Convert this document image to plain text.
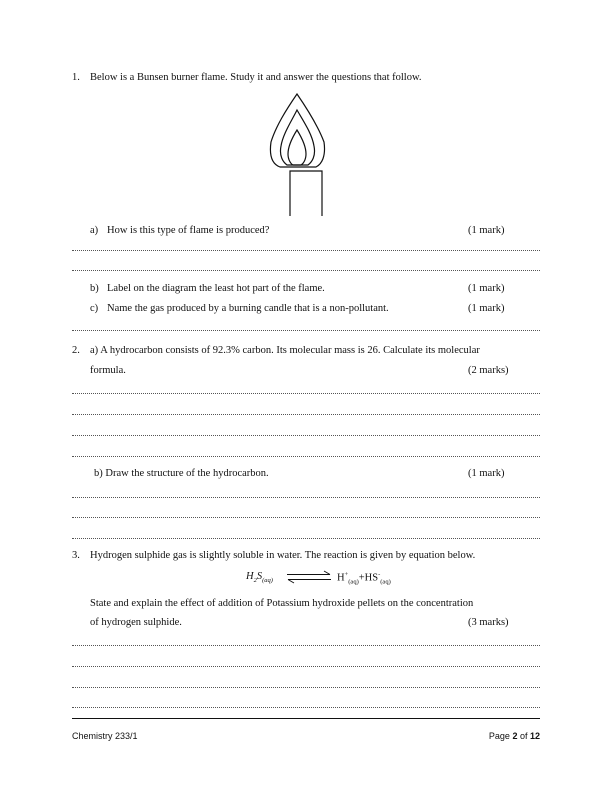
1. Below is a Bunsen burner flame. Study it and answer the questions that follow.
a) How is this type of flame is produced?	(1 mark)
b) Label on the diagram the least hot part of the flame.	(1 mark)
c) Name the gas produced by a burning candle that is a non-pollutant.	(1 mark)
2. a) A hydrocarbon consists of 92.3% carbon. Its molecular mass is 26. Calculate its molecular
formula.	(2 marks)
b) Draw the structure of the hydrocarbon.	(1 mark)
3. Hydrogen sulphide gas is slightly soluble in water. The reaction is given by equation below.
$H_2S_{(aq)}$	$H^+_{(aq)}+HS^-_{(aq)}$
State and explain the effect of addition of Potassium hydroxide pellets on the concentration
of hydrogen sulphide.	(3 marks)
Chemistry 233/1	Page 2 of 12
